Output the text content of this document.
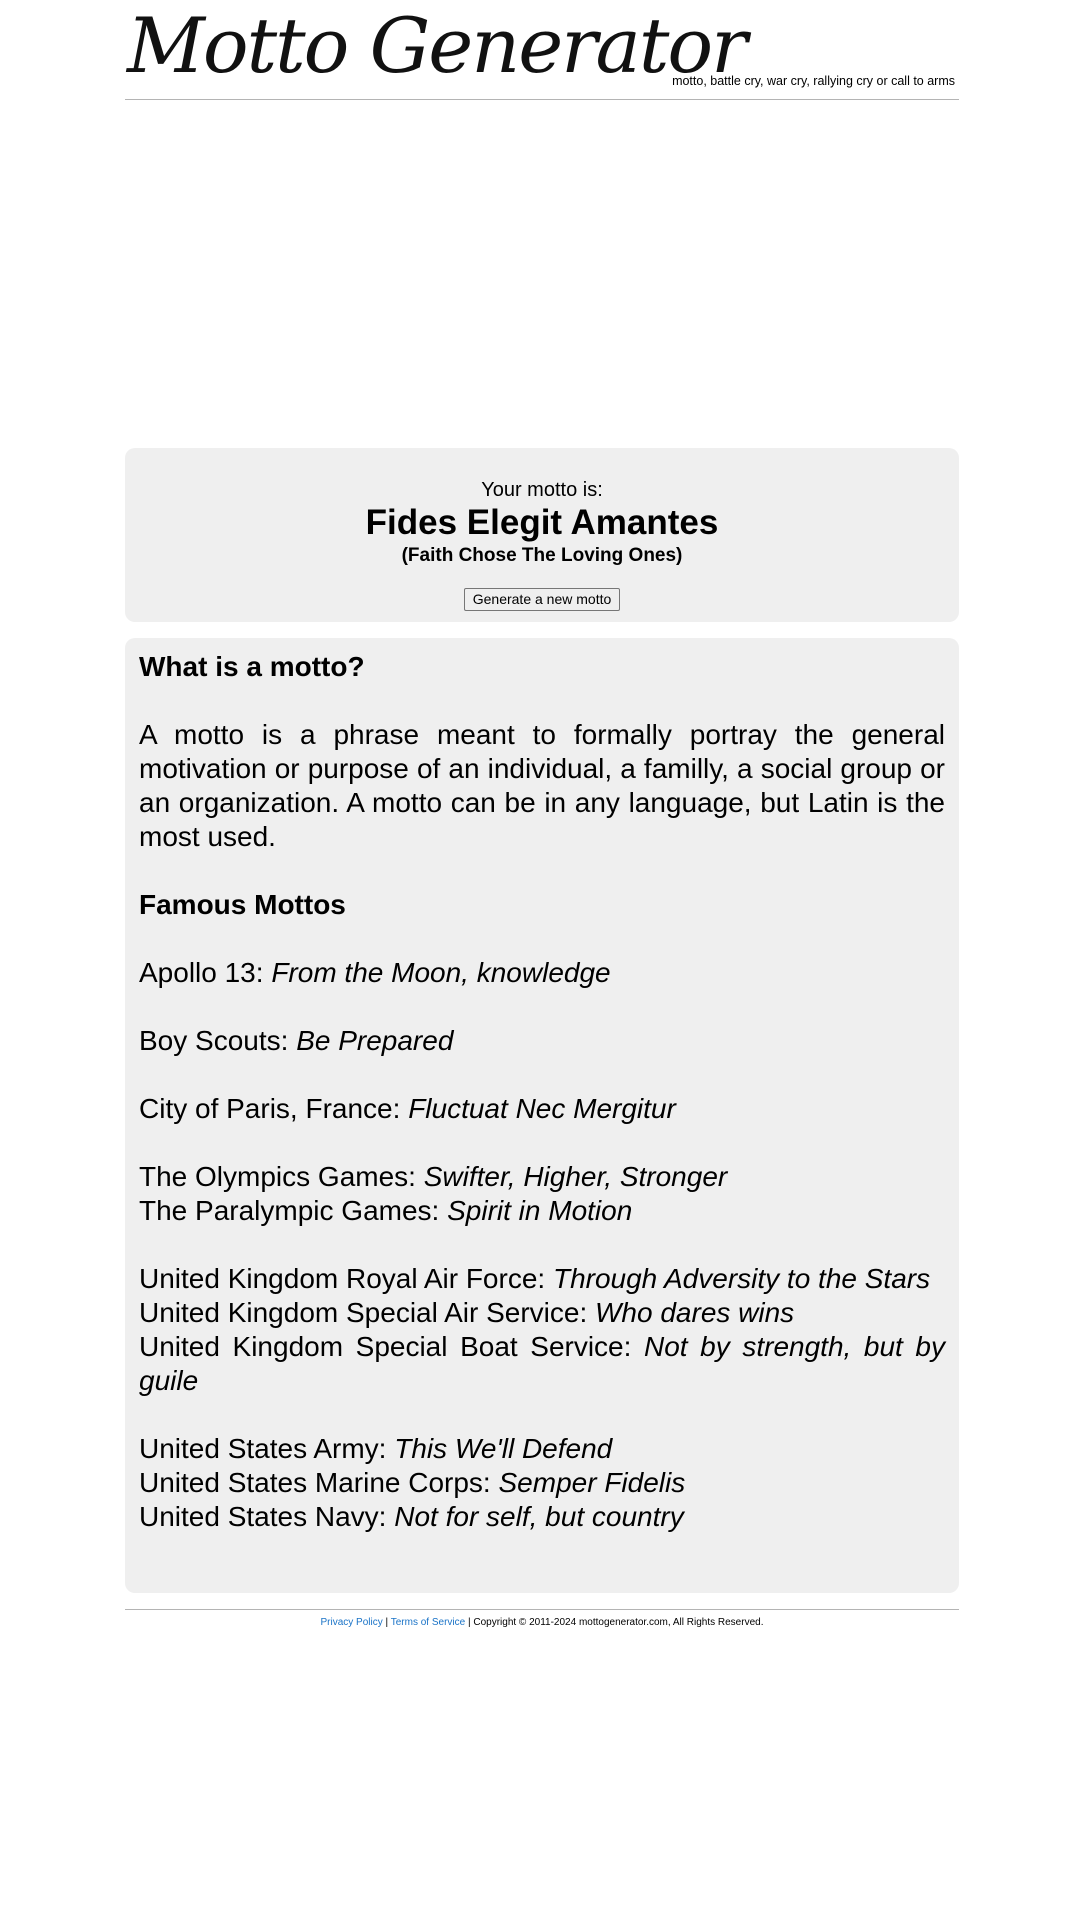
Motto Generator
motto, battle cry, war cry, rallying cry or call to arms
Your motto is:
Fides Elegit Amantes
(Faith Chose The Loving Ones)
Generate a new motto
What is a motto?

A motto is a phrase meant to formally portray the general motivation or purpose of an individual, a familly, a social group or an organization. A motto can be in any language, but Latin is the most used.

Famous Mottos
Apollo 13: From the Moon, knowledge
Boy Scouts: Be Prepared
City of Paris, France: Fluctuat Nec Mergitur
The Olympics Games: Swifter, Higher, Stronger
The Paralympic Games: Spirit in Motion
United Kingdom Royal Air Force: Through Adversity to the Stars
United Kingdom Special Air Service: Who dares wins
United Kingdom Special Boat Service: Not by strength, but by guile
United States Army: This We'll Defend
United States Marine Corps: Semper Fidelis
United States Navy: Not for self, but country
Privacy Policy | Terms of Service | Copyright © 2011-2024 mottogenerator.com, All Rights Reserved.
